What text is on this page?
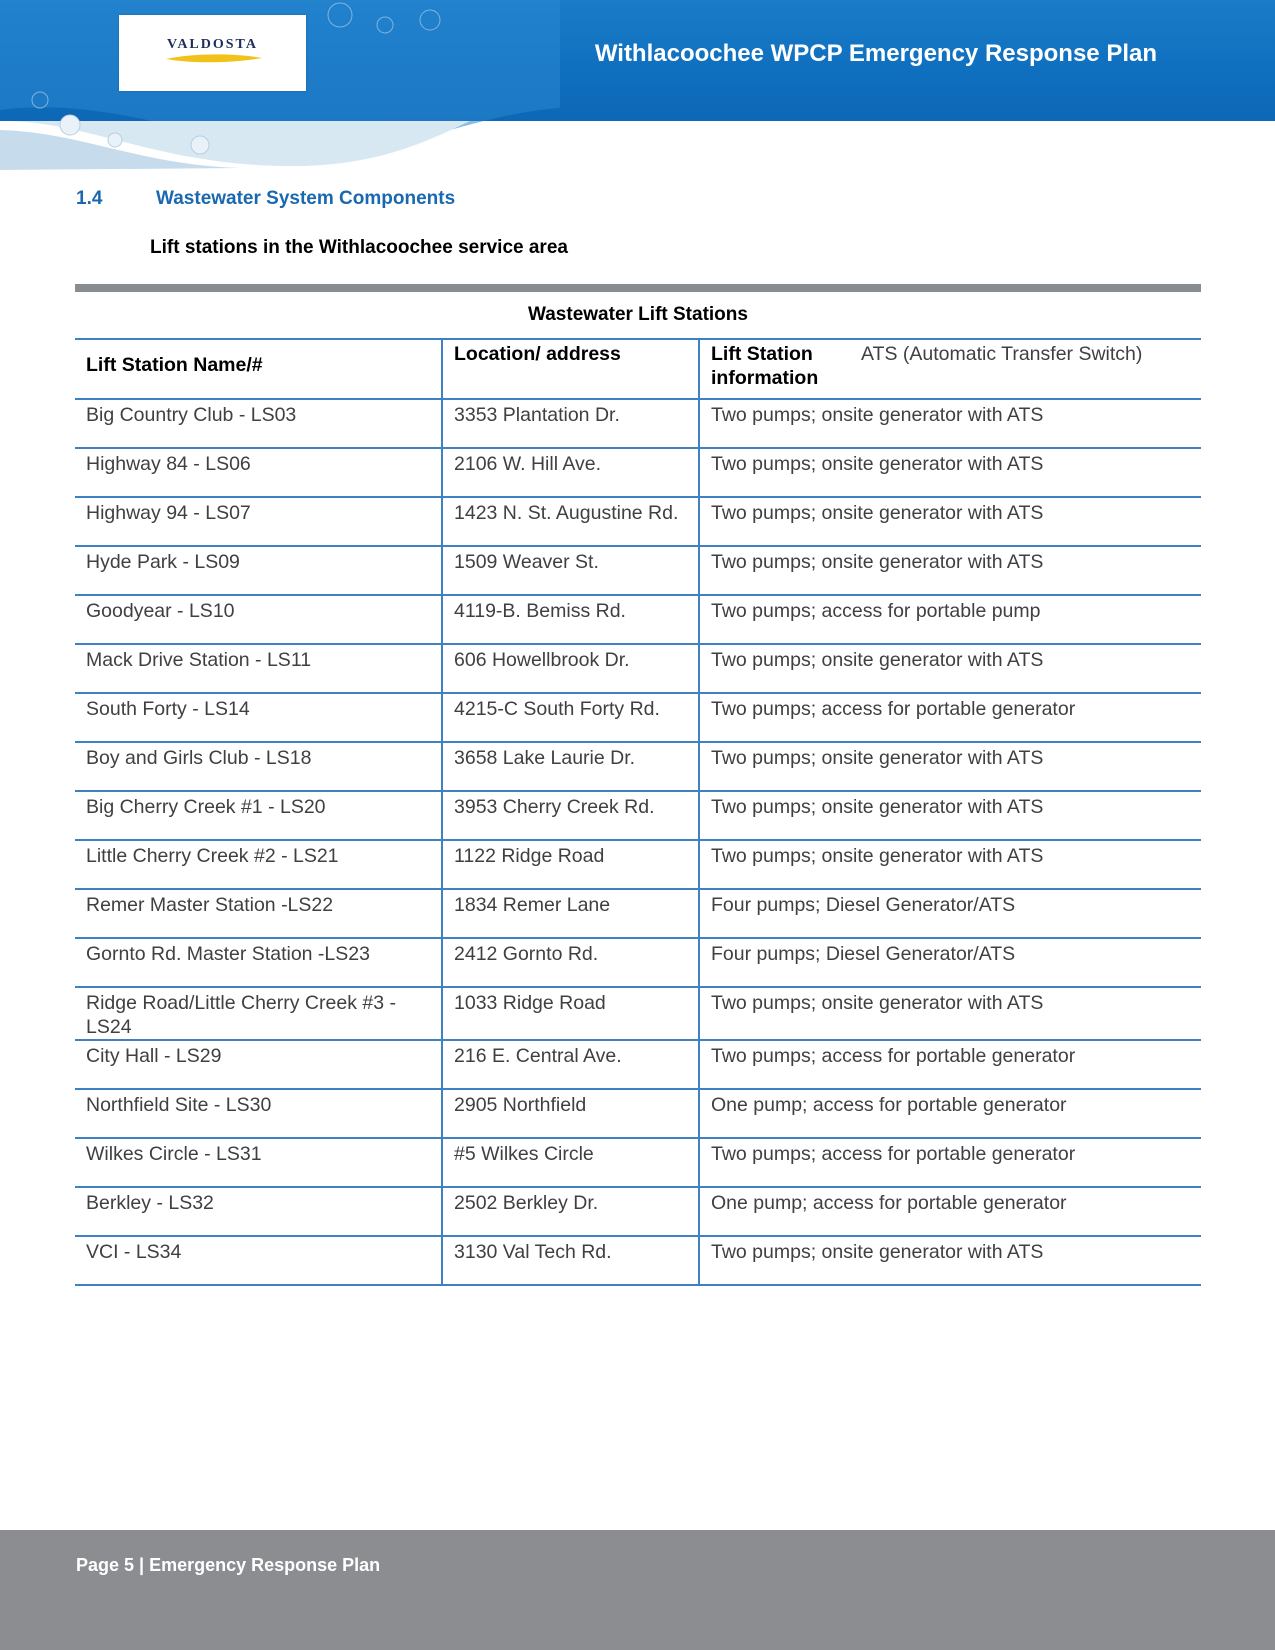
VALDOSTA	Withlacoochee WPCP Emergency Response Plan
1.4	Wastewater System Components
Lift stations in the Withlacoochee service area
Wastewater Lift Stations
Lift Station Name/#	Location/ address	Lift Station information
ATS (Automatic Transfer Switch)

Big Country Club - LS03	3353 Plantation Dr.	Two pumps; onsite generator with ATS
Highway 84 - LS06	2106 W. Hill Ave.	Two pumps; onsite generator with ATS
Highway 94 - LS07	1423 N. St. Augustine Rd.	Two pumps; onsite generator with ATS
Hyde Park - LS09	1509 Weaver St.	Two pumps; onsite generator with ATS
Goodyear - LS10	4119-B. Bemiss Rd.	Two pumps; access for portable pump
Mack Drive Station - LS11	606 Howellbrook Dr.	Two pumps; onsite generator with ATS
South Forty - LS14	4215-C South Forty Rd.	Two pumps; access for portable generator
Boy and Girls Club - LS18	3658 Lake Laurie Dr.	Two pumps; onsite generator with ATS
Big Cherry Creek #1 - LS20	3953 Cherry Creek Rd.	Two pumps; onsite generator with ATS
Little Cherry Creek #2 - LS21	1122 Ridge Road	Two pumps; onsite generator with ATS
Remer Master Station -LS22	1834 Remer Lane	Four pumps; Diesel Generator/ATS
Gornto Rd. Master Station -LS23	2412 Gornto Rd.	Four pumps; Diesel Generator/ATS
Ridge Road/Little Cherry Creek #3 - LS24	1033 Ridge Road	Two pumps; onsite generator with ATS
City Hall - LS29	216 E. Central Ave.	Two pumps; access for portable generator
Northfield Site - LS30	2905 Northfield	One pump; access for portable generator
Wilkes Circle - LS31	#5 Wilkes Circle	Two pumps; access for portable generator
Berkley - LS32	2502 Berkley Dr.	One pump; access for portable generator
VCI - LS34	3130 Val Tech Rd.	Two pumps; onsite generator with ATS
Page 5 | Emergency Response Plan
